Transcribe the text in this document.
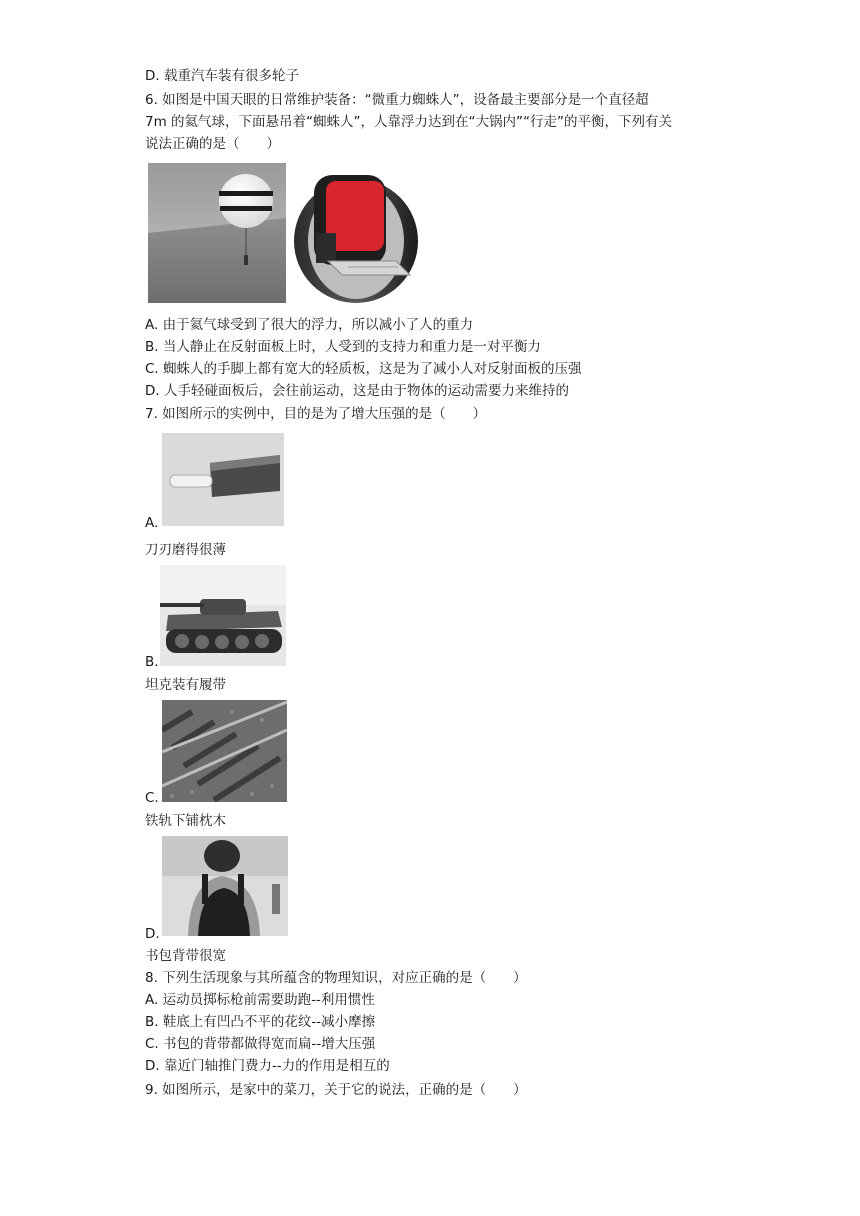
D. 载重汽车装有很多轮子
6. 如图是中国天眼的日常维护装备：“微重力蜘蛛人”，设备最主要部分是一个直径超
7m 的氦气球，下面悬吊着“蜘蛛人”，人靠浮力达到在“大锅内”“行走”的平衡，下列有关
说法正确的是（　　）
A. 由于氦气球受到了很大的浮力，所以减小了人的重力
B. 当人静止在反射面板上时，人受到的支持力和重力是一对平衡力
C. 蜘蛛人的手脚上都有宽大的轻质板，这是为了减小人对反射面板的压强
D. 人手轻碰面板后，会往前运动，这是由于物体的运动需要力来维持的
7. 如图所示的实例中，目的是为了增大压强的是（　　）
A.
刀刃磨得很薄
B.
坦克装有履带
C.
铁轨下铺枕木
D.
书包背带很宽
8. 下列生活现象与其所蕴含的物理知识，对应正确的是（　　）
A. 运动员掷标枪前需要助跑--利用惯性
B. 鞋底上有凹凸不平的花纹--减小摩擦
C. 书包的背带都做得宽而扁--增大压强
D. 靠近门轴推门费力--力的作用是相互的
9. 如图所示，是家中的菜刀，关于它的说法，正确的是（　　）
